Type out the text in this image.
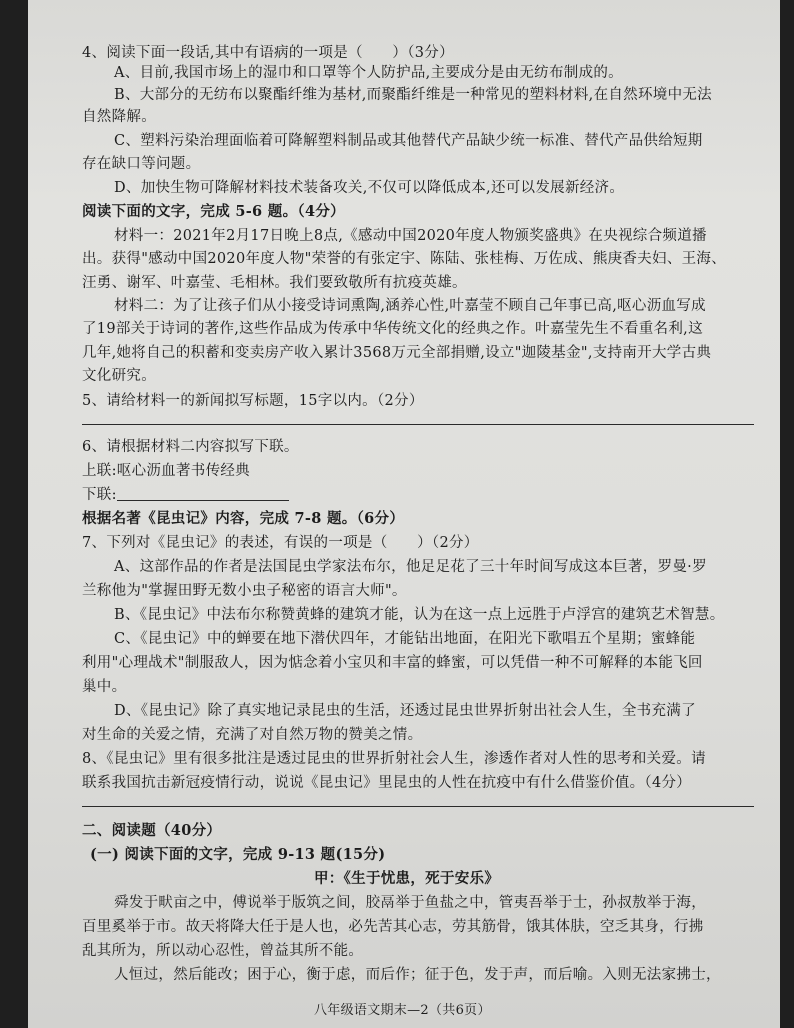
4、阅读下面一段话,其中有语病的一项是（　　）（3分）
A、目前,我国市场上的湿巾和口罩等个人防护品,主要成分是由无纺布制成的。
B、大部分的无纺布以聚酯纤维为基材,而聚酯纤维是一种常见的塑料材料,在自然环境中无法
自然降解。
C、塑料污染治理面临着可降解塑料制品或其他替代产品缺少统一标准、替代产品供给短期
存在缺口等问题。
D、加快生物可降解材料技术装备攻关,不仅可以降低成本,还可以发展新经济。
阅读下面的文字，完成 5-6 题。（4分）
材料一：2021年2月17日晚上8点,《感动中国2020年度人物颁奖盛典》在央视综合频道播
出。获得"感动中国2020年度人物"荣誉的有张定宇、陈陆、张桂梅、万佐成、熊庚香夫妇、王海、
汪勇、谢军、叶嘉莹、毛相林。我们要致敬所有抗疫英雄。
材料二：为了让孩子们从小接受诗词熏陶,涵养心性,叶嘉莹不顾自己年事已高,呕心沥血写成
了19部关于诗词的著作,这些作品成为传承中华传统文化的经典之作。叶嘉莹先生不看重名利,这
几年,她将自己的积蓄和变卖房产收入累计3568万元全部捐赠,设立"迦陵基金",支持南开大学古典
文化研究。
5、请给材料一的新闻拟写标题，15字以内。（2分）
6、请根据材料二内容拟写下联。
上联:呕心沥血著书传经典
下联:
根据名著《昆虫记》内容，完成 7-8 题。（6分）
7、下列对《昆虫记》的表述，有误的一项是（　　）（2分）
A、这部作品的作者是法国昆虫学家法布尔，他足足花了三十年时间写成这本巨著，罗曼·罗
兰称他为"掌握田野无数小虫子秘密的语言大师"。
B、《昆虫记》中法布尔称赞黄蜂的建筑才能，认为在这一点上远胜于卢浮宫的建筑艺术智慧。
C、《昆虫记》中的蝉要在地下潜伏四年，才能钻出地面，在阳光下歌唱五个星期；蜜蜂能
利用"心理战术"制服敌人，因为惦念着小宝贝和丰富的蜂蜜，可以凭借一种不可解释的本能飞回
巢中。
D、《昆虫记》除了真实地记录昆虫的生活，还透过昆虫世界折射出社会人生，全书充满了
对生命的关爱之情，充满了对自然万物的赞美之情。
8、《昆虫记》里有很多批注是透过昆虫的世界折射社会人生，渗透作者对人性的思考和关爱。请
联系我国抗击新冠疫情行动，说说《昆虫记》里昆虫的人性在抗疫中有什么借鉴价值。（4分）
二、阅读题（40分）
(一) 阅读下面的文字，完成 9-13 题(15分)
甲：《生于忧患，死于安乐》
舜发于畎亩之中，傅说举于版筑之间，胶鬲举于鱼盐之中，管夷吾举于士，孙叔敖举于海，
百里奚举于市。故天将降大任于是人也，必先苦其心志，劳其筋骨，饿其体肤，空乏其身，行拂
乱其所为，所以动心忍性，曾益其所不能。
人恒过，然后能改；困于心，衡于虑，而后作；征于色，发于声，而后喻。入则无法家拂士，
八年级语文期末—2（共6页）
